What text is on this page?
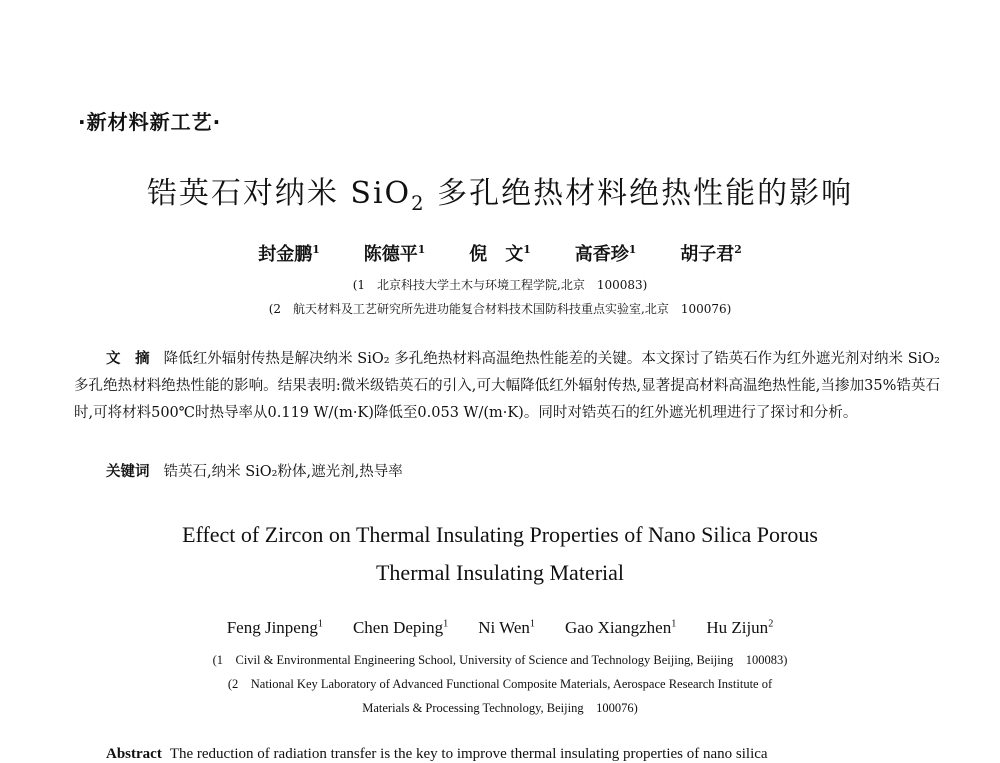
·新材料新工艺·
锆英石对纳米 SiO$_2$ 多孔绝热材料绝热性能的影响
封金鹏$^1$ 陈德平$^1$ 倪　文$^1$ 高香珍$^1$ 胡子君$^2$
(1　北京科技大学土木与环境工程学院,北京　100083)
(2　航天材料及工艺研究所先进功能复合材料技术国防科技重点实验室,北京　100076)
文　摘 降低红外辐射传热是解决纳米 SiO₂ 多孔绝热材料高温绝热性能差的关键。本文探讨了锆英石作为红外遮光剂对纳米 SiO₂ 多孔绝热材料绝热性能的影响。结果表明:微米级锆英石的引入,可大幅降低红外辐射传热,显著提高材料高温绝热性能,当掺加35%锆英石时,可将材料500℃时热导率从0.119 W/(m·K)降低至0.053 W/(m·K)。同时对锆英石的红外遮光机理进行了探讨和分析。
关键词 锆英石,纳米 SiO₂粉体,遮光剂,热导率
Effect of Zircon on Thermal Insulating Properties of Nano Silica Porous
Thermal Insulating Material
Feng Jinpeng$^1$ Chen Deping$^1$ Ni Wen$^1$ Gao Xiangzhen$^1$ Hu Zijun$^2$
(1　Civil & Environmental Engineering School, University of Science and Technology Beijing, Beijing　100083)
(2　National Key Laboratory of Advanced Functional Composite Materials, Aerospace Research Institute of
Materials & Processing Technology, Beijing　100076)
Abstract The reduction of radiation transfer is the key to improve thermal insulating properties of nano silica
